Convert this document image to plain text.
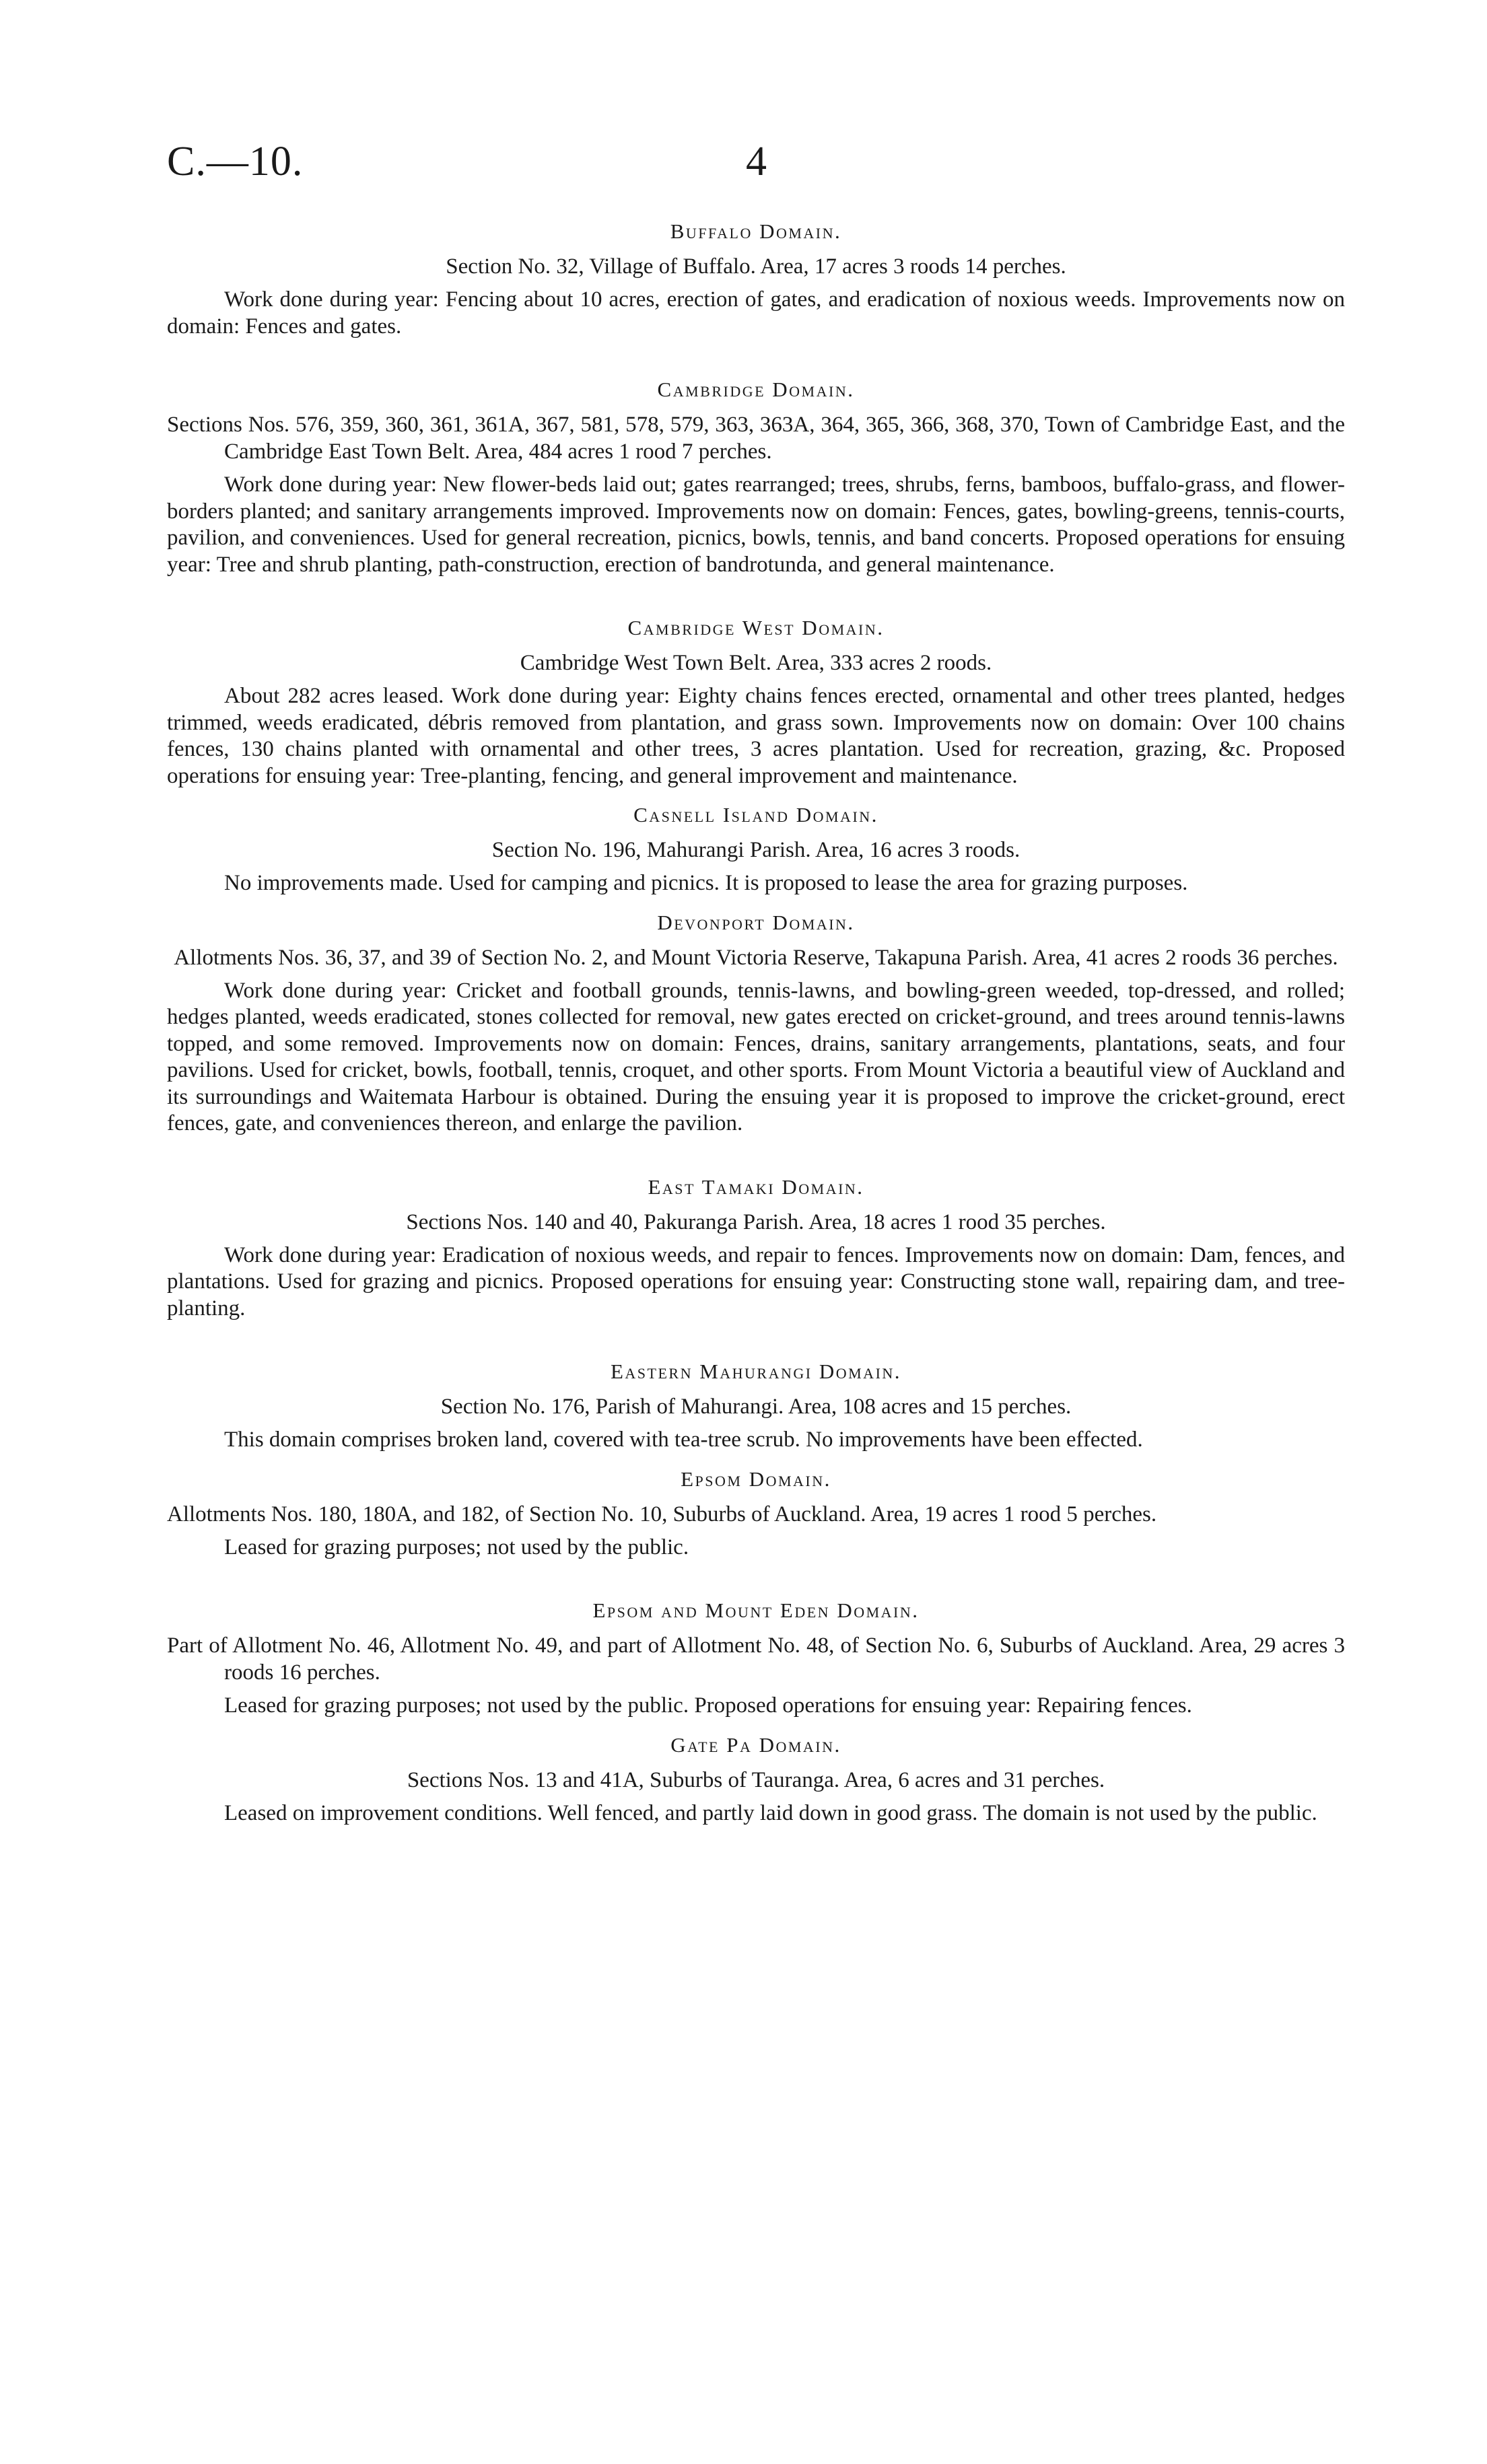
C.—10.	4
Buffalo Domain.

Section No. 32, Village of Buffalo. Area, 17 acres 3 roods 14 perches.

Work done during year: Fencing about 10 acres, erection of gates, and eradication of noxious weeds. Improvements now on domain: Fences and gates.

Cambridge Domain.

Sections Nos. 576, 359, 360, 361, 361A, 367, 581, 578, 579, 363, 363A, 364, 365, 366, 368, 370, Town of Cambridge East, and the Cambridge East Town Belt. Area, 484 acres 1 rood 7 perches.

Work done during year: New flower-beds laid out; gates rearranged; trees, shrubs, ferns, bamboos, buffalo-grass, and flower-borders planted; and sanitary arrangements improved. Improvements now on domain: Fences, gates, bowling-greens, tennis-courts, pavilion, and conveniences. Used for general recreation, picnics, bowls, tennis, and band concerts. Proposed operations for ensuing year: Tree and shrub planting, path-construction, erection of bandrotunda, and general maintenance.

Cambridge West Domain.

Cambridge West Town Belt. Area, 333 acres 2 roods.

About 282 acres leased. Work done during year: Eighty chains fences erected, ornamental and other trees planted, hedges trimmed, weeds eradicated, débris removed from plantation, and grass sown. Improvements now on domain: Over 100 chains fences, 130 chains planted with ornamental and other trees, 3 acres plantation. Used for recreation, grazing, &c. Proposed operations for ensuing year: Tree-planting, fencing, and general improvement and maintenance.

Casnell Island Domain.

Section No. 196, Mahurangi Parish. Area, 16 acres 3 roods.

No improvements made. Used for camping and picnics. It is proposed to lease the area for grazing purposes.

Devonport Domain.

Allotments Nos. 36, 37, and 39 of Section No. 2, and Mount Victoria Reserve, Takapuna Parish. Area, 41 acres 2 roods 36 perches.

Work done during year: Cricket and football grounds, tennis-lawns, and bowling-green weeded, top-dressed, and rolled; hedges planted, weeds eradicated, stones collected for removal, new gates erected on cricket-ground, and trees around tennis-lawns topped, and some removed. Improvements now on domain: Fences, drains, sanitary arrangements, plantations, seats, and four pavilions. Used for cricket, bowls, football, tennis, croquet, and other sports. From Mount Victoria a beautiful view of Auckland and its surroundings and Waitemata Harbour is obtained. During the ensuing year it is proposed to improve the cricket-ground, erect fences, gate, and conveniences thereon, and enlarge the pavilion.

East Tamaki Domain.

Sections Nos. 140 and 40, Pakuranga Parish. Area, 18 acres 1 rood 35 perches.

Work done during year: Eradication of noxious weeds, and repair to fences. Improvements now on domain: Dam, fences, and plantations. Used for grazing and picnics. Proposed operations for ensuing year: Constructing stone wall, repairing dam, and tree-planting.

Eastern Mahurangi Domain.

Section No. 176, Parish of Mahurangi. Area, 108 acres and 15 perches.

This domain comprises broken land, covered with tea-tree scrub. No improvements have been effected.

Epsom Domain.

Allotments Nos. 180, 180A, and 182, of Section No. 10, Suburbs of Auckland. Area, 19 acres 1 rood 5 perches.

Leased for grazing purposes; not used by the public.

Epsom and Mount Eden Domain.

Part of Allotment No. 46, Allotment No. 49, and part of Allotment No. 48, of Section No. 6, Suburbs of Auckland. Area, 29 acres 3 roods 16 perches.

Leased for grazing purposes; not used by the public. Proposed operations for ensuing year: Repairing fences.

Gate Pa Domain.

Sections Nos. 13 and 41A, Suburbs of Tauranga. Area, 6 acres and 31 perches.

Leased on improvement conditions. Well fenced, and partly laid down in good grass. The domain is not used by the public.
